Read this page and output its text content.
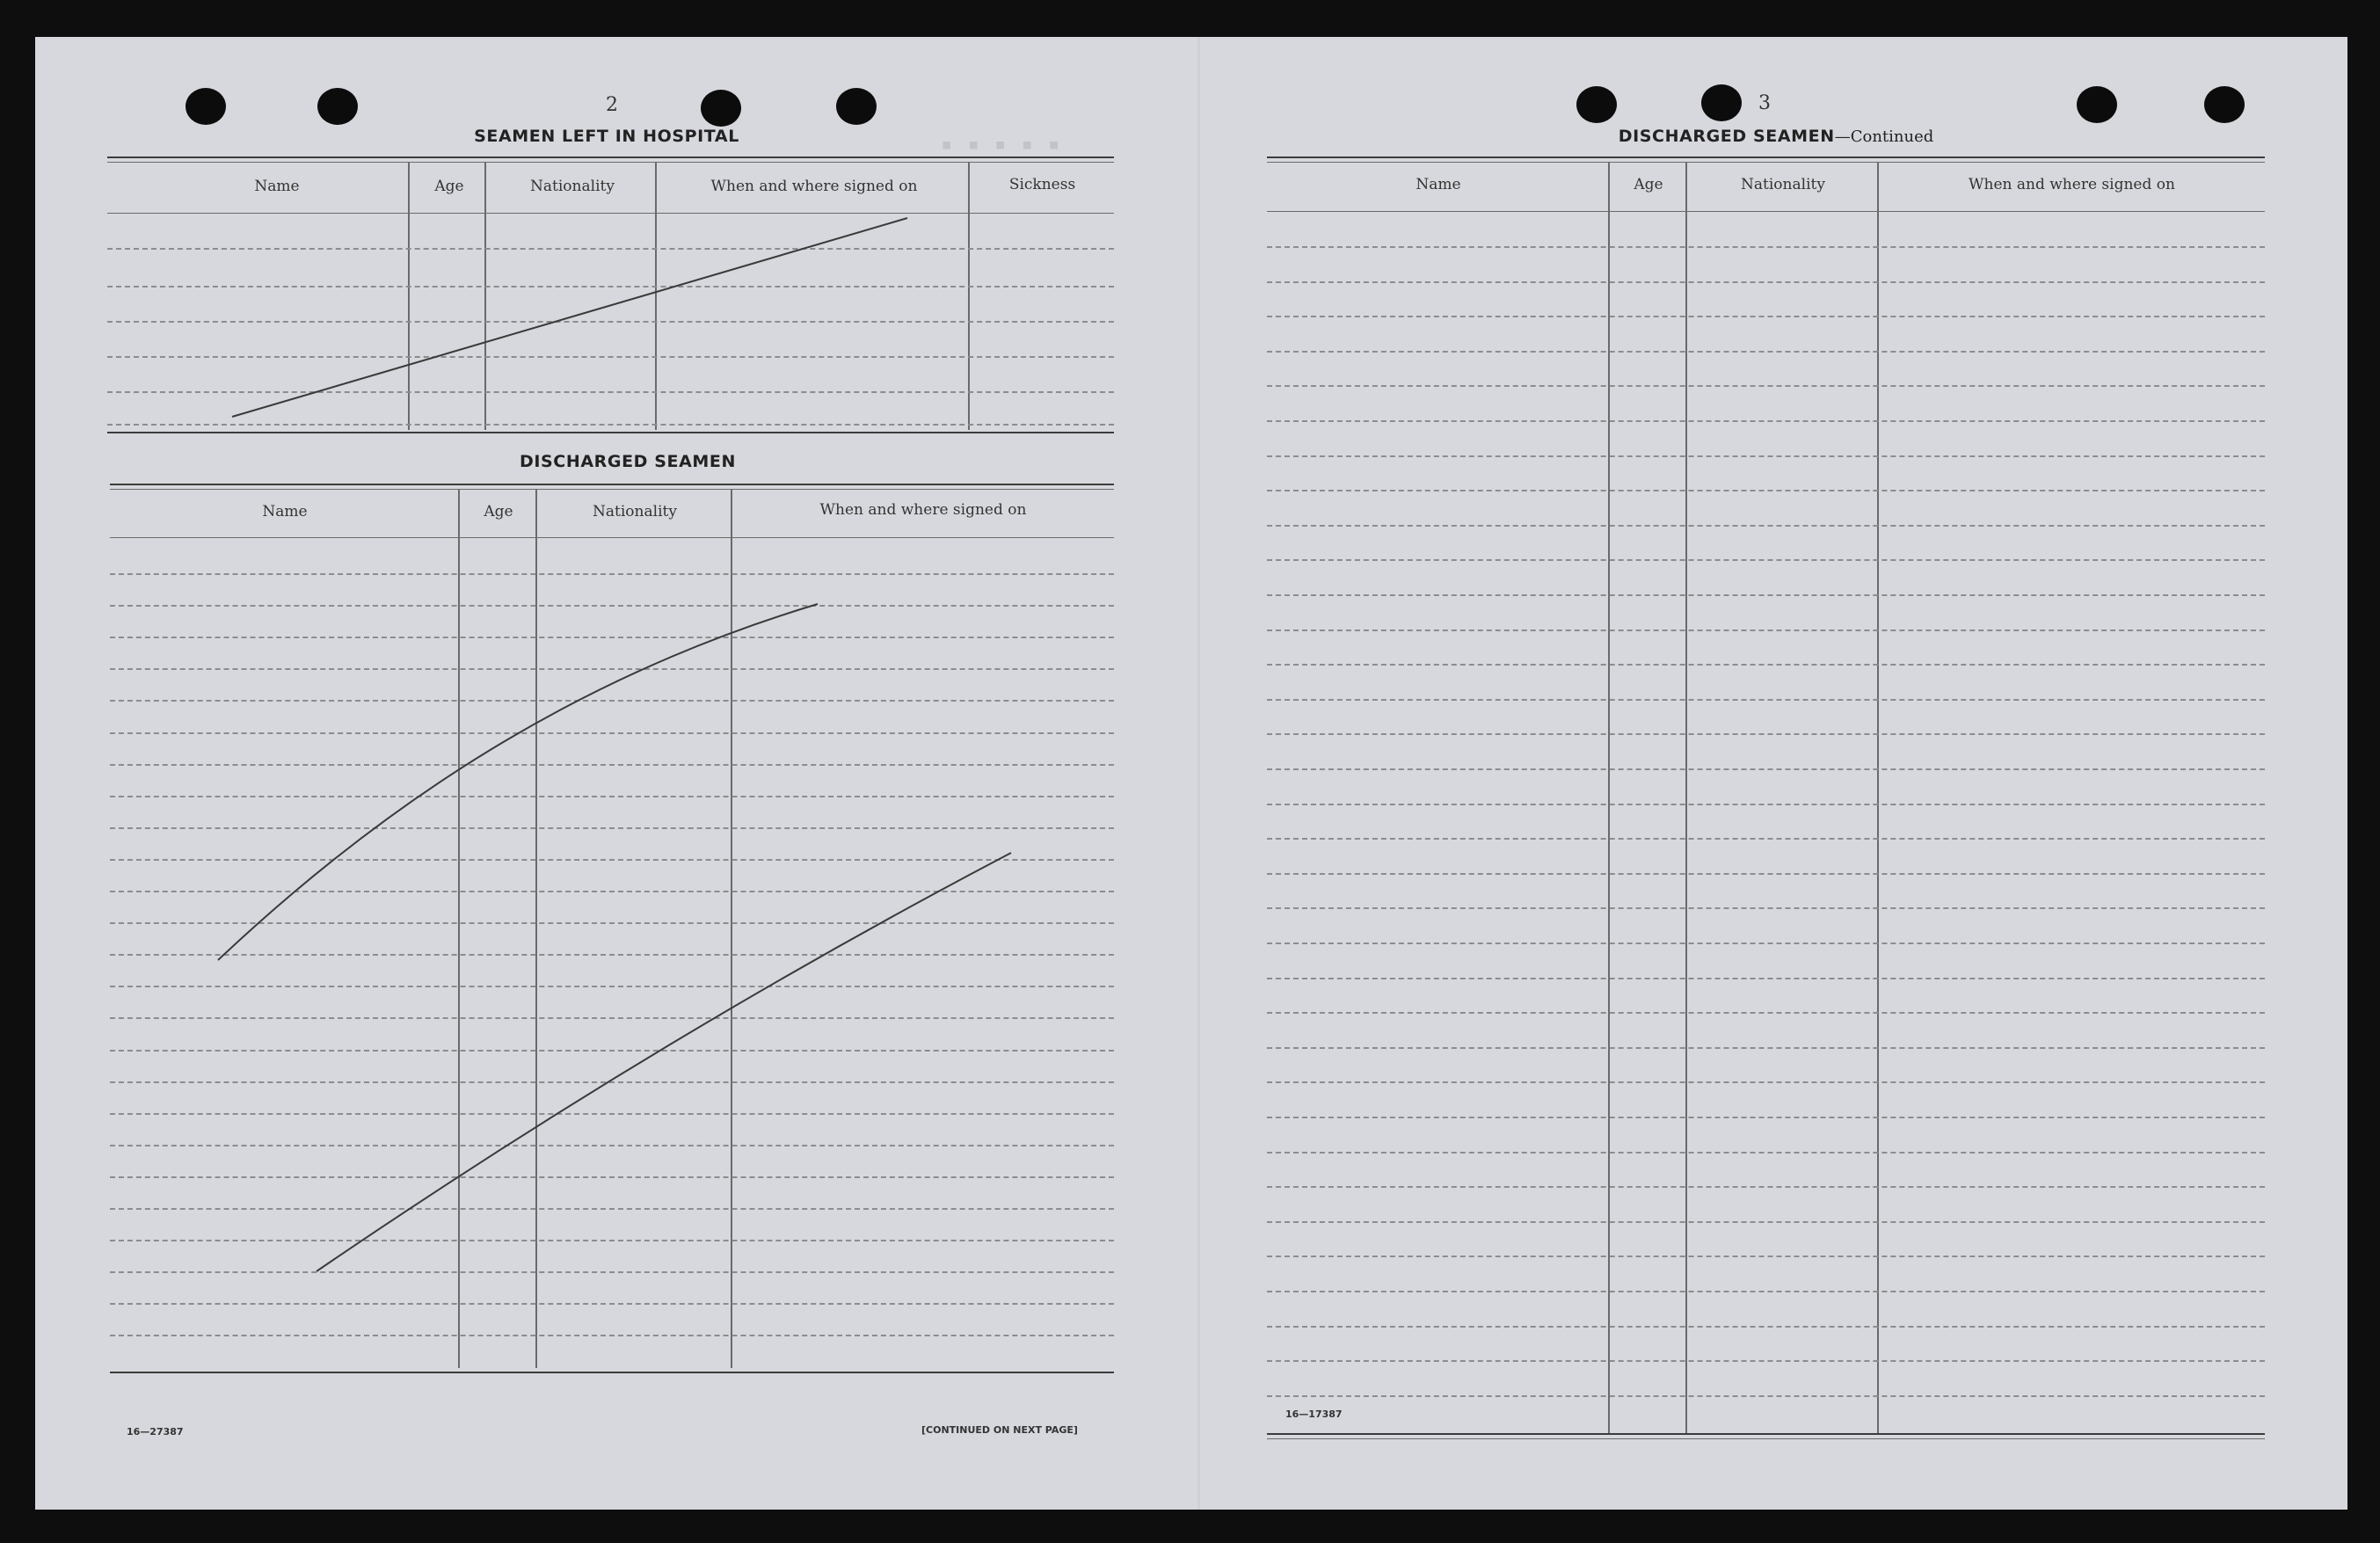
▪ ▪ ▪ ▪ ▪
2
SEAMEN LEFT IN HOSPITAL
Name	Age	Nationality	When and where signed on	Sickness
DISCHARGED SEAMEN
Name	Age	Nationality	When and where signed on
16—27387	[CONTINUED ON NEXT PAGE]
3
DISCHARGED SEAMEN—Continued
Name	Age	Nationality	When and where signed on
16—17387
